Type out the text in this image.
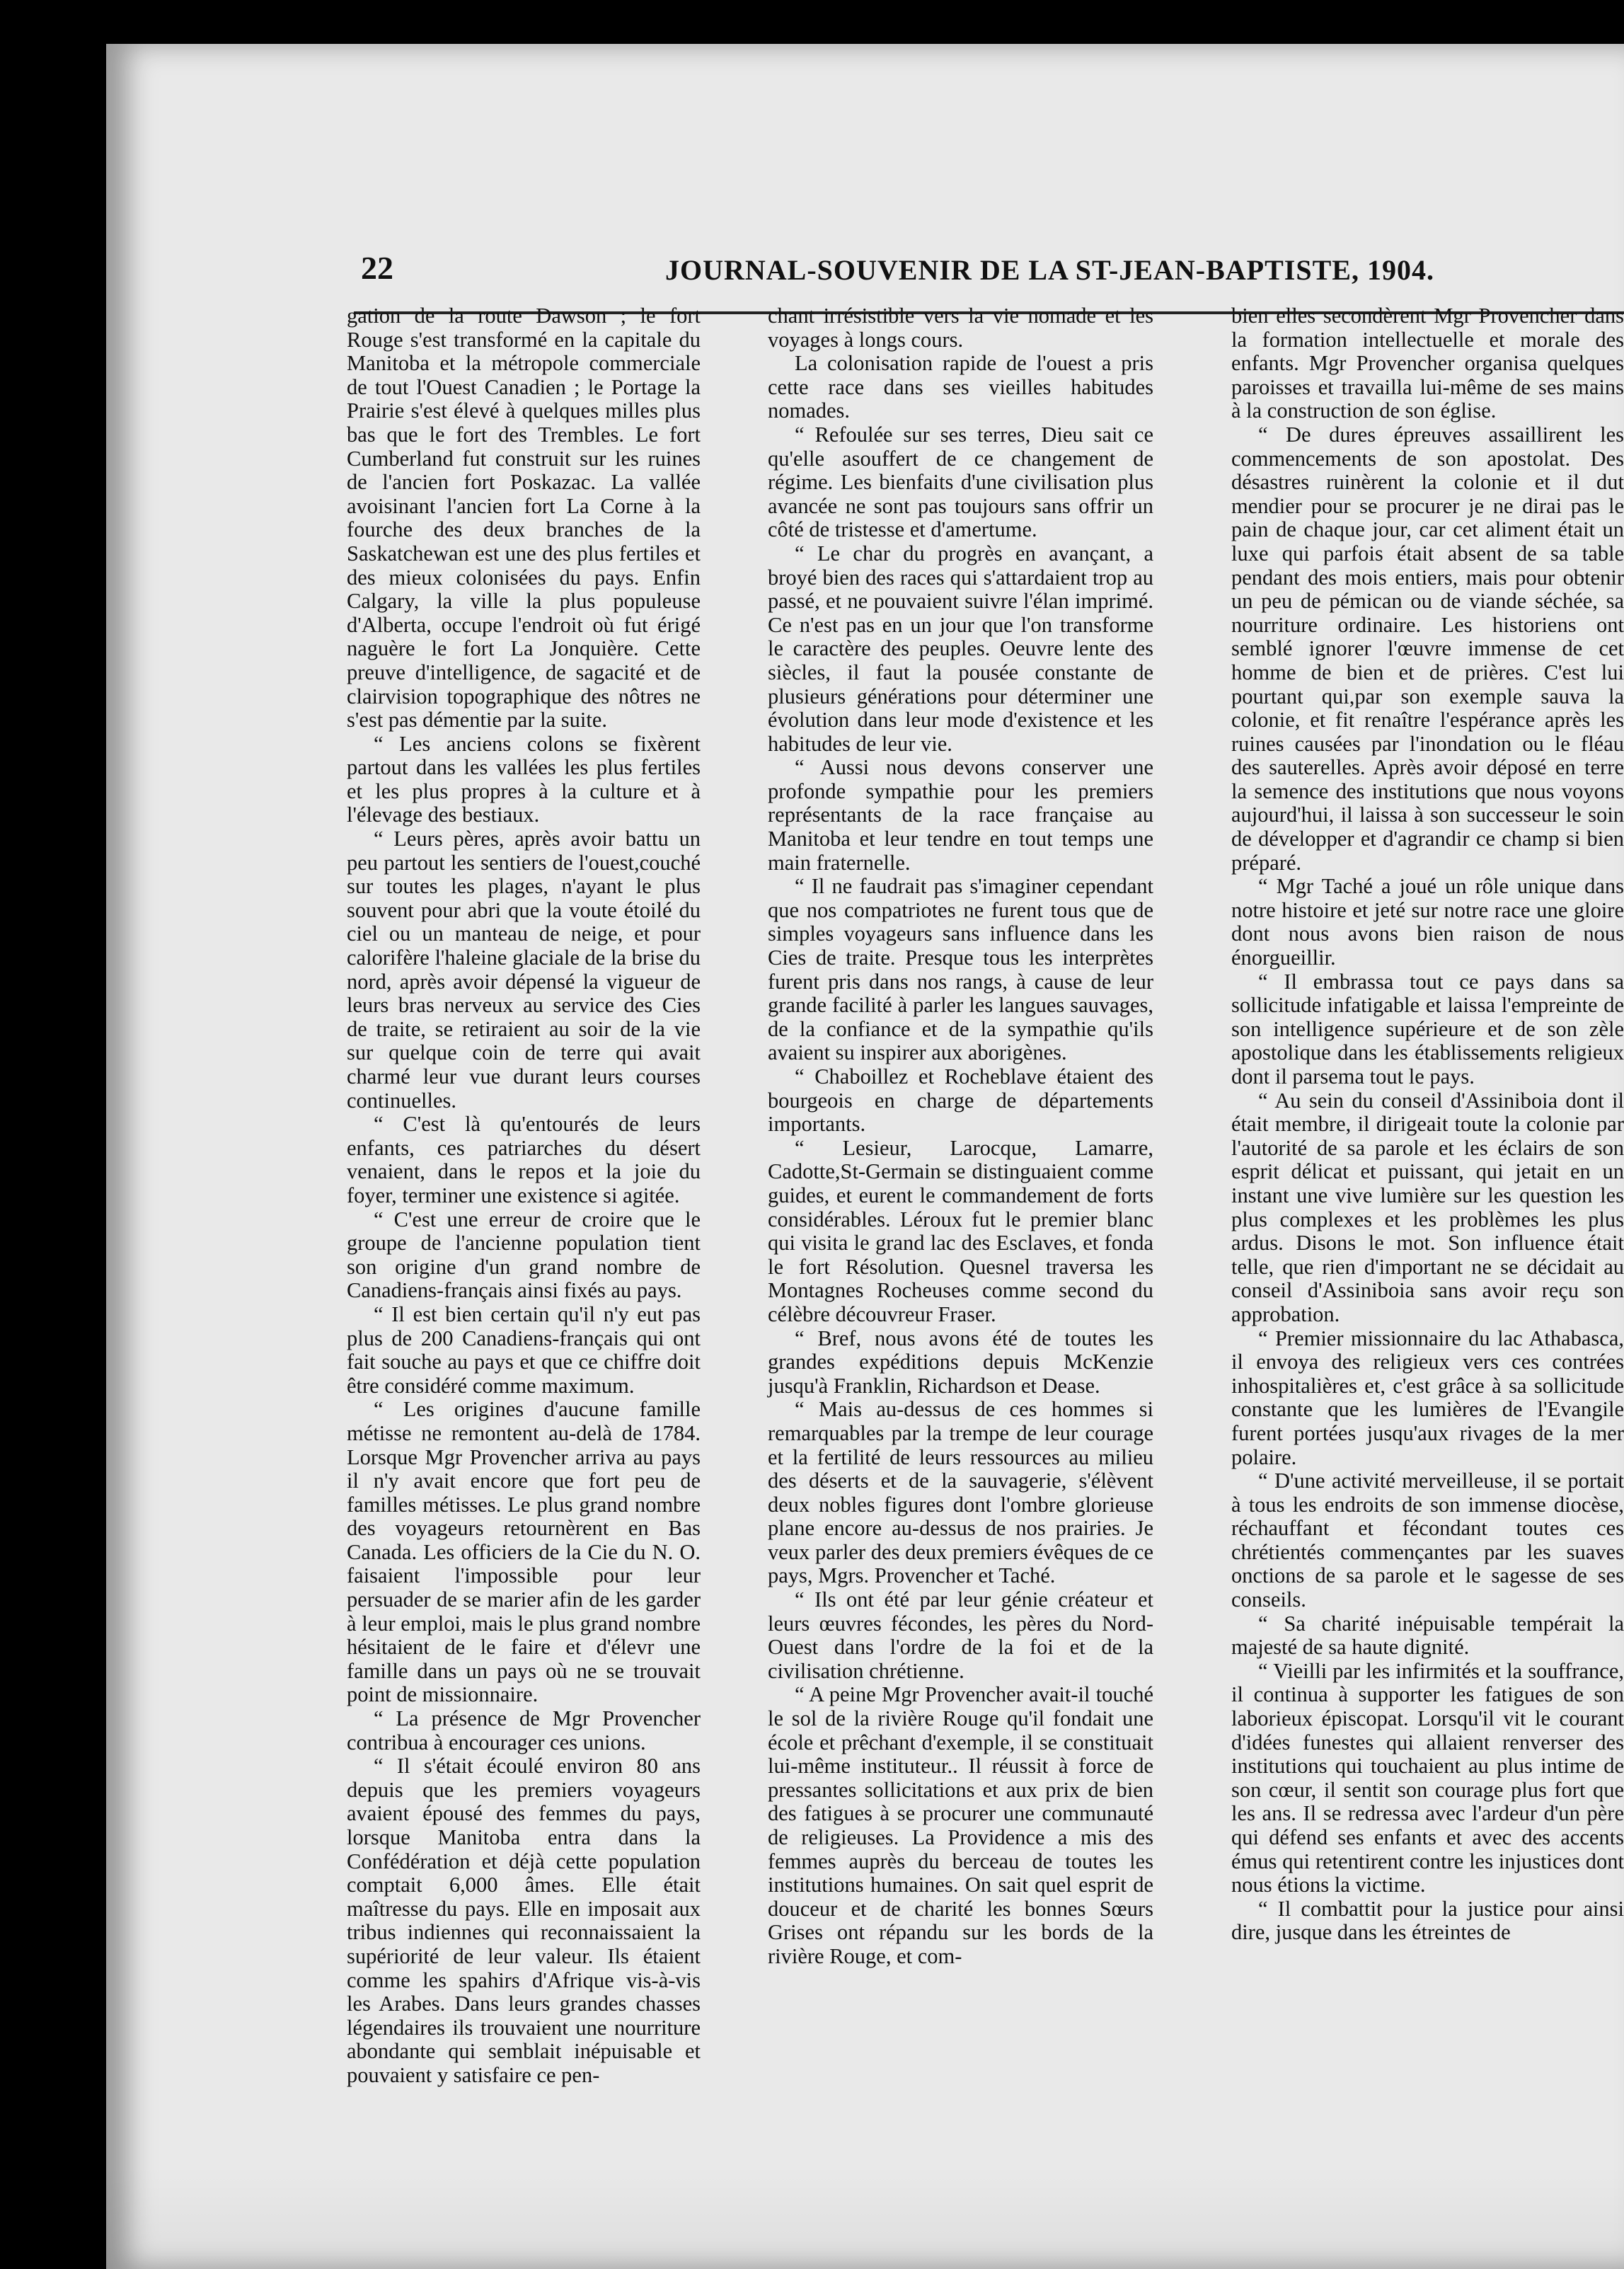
22	JOURNAL-SOUVENIR DE LA ST-JEAN-BAPTISTE, 1904.

gation de la route Dawson ; le fort Rouge s'est transformé en la capitale du Manitoba et la métropole commerciale de tout l'Ouest Canadien ; le Portage la Prairie s'est élevé à quelques milles plus bas que le fort des Trembles. Le fort Cumberland fut construit sur les ruines de l'ancien fort Poskazac. La vallée avoisinant l'ancien fort La Corne à la fourche des deux branches de la Saskatchewan est une des plus fertiles et des mieux colonisées du pays. Enfin Calgary, la ville la plus populeuse d'Alberta, occupe l'endroit où fut érigé naguère le fort La Jonquière. Cette preuve d'intelligence, de sagacité et de clairvision topographique des nôtres ne s'est pas démentie par la suite.

“ Les anciens colons se fixèrent partout dans les vallées les plus fertiles et les plus propres à la culture et à l'élevage des bestiaux.

“ Leurs pères, après avoir battu un peu partout les sentiers de l'ouest,couché sur toutes les plages, n'ayant le plus souvent pour abri que la voute étoilé du ciel ou un manteau de neige, et pour calorifère l'haleine glaciale de la brise du nord, après avoir dépensé la vigueur de leurs bras nerveux au service des Cies de traite, se retiraient au soir de la vie sur quelque coin de terre qui avait charmé leur vue durant leurs courses continuelles.

“ C'est là qu'entourés de leurs enfants, ces patriarches du désert venaient, dans le repos et la joie du foyer, terminer une existence si agitée.

“ C'est une erreur de croire que le groupe de l'ancienne population tient son origine d'un grand nombre de Canadiens-français ainsi fixés au pays.

“ Il est bien certain qu'il n'y eut pas plus de 200 Canadiens-français qui ont fait souche au pays et que ce chiffre doit être considéré comme maximum.

“ Les origines d'aucune famille métisse ne remontent au-delà de 1784. Lorsque Mgr Provencher arriva au pays il n'y avait encore que fort peu de familles métisses. Le plus grand nombre des voyageurs retournèrent en Bas Canada. Les officiers de la Cie du N. O. faisaient l'impossible pour leur persuader de se marier afin de les garder à leur emploi, mais le plus grand nombre hésitaient de le faire et d'élevr une famille dans un pays où ne se trouvait point de missionnaire.

“ La présence de Mgr Provencher contribua à encourager ces unions.

“ Il s'était écoulé environ 80 ans depuis que les premiers voyageurs avaient épousé des femmes du pays, lorsque Manitoba entra dans la Confédération et déjà cette population comptait 6,000 âmes. Elle était maîtresse du pays. Elle en imposait aux tribus indiennes qui reconnaissaient la supériorité de leur valeur. Ils étaient comme les spahirs d'Afrique vis-à-vis les Arabes. Dans leurs grandes chasses légendaires ils trouvaient une nourriture abondante qui semblait inépuisable et pouvaient y satisfaire ce pen-

chant irrésistible vers la vie nomade et les voyages à longs cours.

La colonisation rapide de l'ouest a pris cette race dans ses vieilles habitudes nomades.

“ Refoulée sur ses terres, Dieu sait ce qu'elle asouffert de ce changement de régime. Les bienfaits d'une civilisation plus avancée ne sont pas toujours sans offrir un côté de tristesse et d'amertume.

“ Le char du progrès en avançant, a broyé bien des races qui s'attardaient trop au passé, et ne pouvaient suivre l'élan imprimé. Ce n'est pas en un jour que l'on transforme le caractère des peuples. Oeuvre lente des siècles, il faut la pousée constante de plusieurs générations pour déterminer une évolution dans leur mode d'existence et les habitudes de leur vie.

“ Aussi nous devons conserver une profonde sympathie pour les premiers représentants de la race française au Manitoba et leur tendre en tout temps une main fraternelle.

“ Il ne faudrait pas s'imaginer cependant que nos compatriotes ne furent tous que de simples voyageurs sans influence dans les Cies de traite. Presque tous les interprètes furent pris dans nos rangs, à cause de leur grande facilité à parler les langues sauvages, de la confiance et de la sympathie qu'ils avaient su inspirer aux aborigènes.

“ Chaboillez et Rocheblave étaient des bourgeois en charge de départements importants.

“ Lesieur, Larocque, Lamarre, Cadotte,St-Germain se distinguaient comme guides, et eurent le commandement de forts considérables. Léroux fut le premier blanc qui visita le grand lac des Esclaves, et fonda le fort Résolution. Quesnel traversa les Montagnes Rocheuses comme second du célèbre découvreur Fraser.

“ Bref, nous avons été de toutes les grandes expéditions depuis McKenzie jusqu'à Franklin, Richardson et Dease.

“ Mais au-dessus de ces hommes si remarquables par la trempe de leur courage et la fertilité de leurs ressources au milieu des déserts et de la sauvagerie, s'élèvent deux nobles figures dont l'ombre glorieuse plane encore au-dessus de nos prairies. Je veux parler des deux premiers évêques de ce pays, Mgrs. Provencher et Taché.

“ Ils ont été par leur génie créateur et leurs œuvres fécondes, les pères du Nord-Ouest dans l'ordre de la foi et de la civilisation chrétienne.

“ A peine Mgr Provencher avait-il touché le sol de la rivière Rouge qu'il fondait une école et prêchant d'exemple, il se constituait lui-même instituteur.. Il réussit à force de pressantes sollicitations et aux prix de bien des fatigues à se procurer une communauté de religieuses. La Providence a mis des femmes auprès du berceau de toutes les institutions humaines. On sait quel esprit de douceur et de charité les bonnes Sœurs Grises ont répandu sur les bords de la rivière Rouge, et com-

bien elles secondèrent Mgr Provencher dans la formation intellectuelle et morale des enfants. Mgr Provencher organisa quelques paroisses et travailla lui-même de ses mains à la construction de son église.

“ De dures épreuves assaillirent les commencements de son apostolat. Des désastres ruinèrent la colonie et il dut mendier pour se procurer je ne dirai pas le pain de chaque jour, car cet aliment était un luxe qui parfois était absent de sa table pendant des mois entiers, mais pour obtenir un peu de pémican ou de viande séchée, sa nourriture ordinaire. Les historiens ont semblé ignorer l'œuvre immense de cet homme de bien et de prières. C'est lui pourtant qui,par son exemple sauva la colonie, et fit renaître l'espérance après les ruines causées par l'inondation ou le fléau des sauterelles. Après avoir déposé en terre la semence des institutions que nous voyons aujourd'hui, il laissa à son successeur le soin de développer et d'agrandir ce champ si bien préparé.

“ Mgr Taché a joué un rôle unique dans notre histoire et jeté sur notre race une gloire dont nous avons bien raison de nous énorgueillir.

“ Il embrassa tout ce pays dans sa sollicitude infatigable et laissa l'empreinte de son intelligence supérieure et de son zèle apostolique dans les établissements religieux dont il parsema tout le pays.

“ Au sein du conseil d'Assiniboia dont il était membre, il dirigeait toute la colonie par l'autorité de sa parole et les éclairs de son esprit délicat et puissant, qui jetait en un instant une vive lumière sur les question les plus complexes et les problèmes les plus ardus. Disons le mot. Son influence était telle, que rien d'important ne se décidait au conseil d'Assiniboia sans avoir reçu son approbation.

“ Premier missionnaire du lac Athabasca, il envoya des religieux vers ces contrées inhospitalières et, c'est grâce à sa sollicitude constante que les lumières de l'Evangile furent portées jusqu'aux rivages de la mer polaire.

“ D'une activité merveilleuse, il se portait à tous les endroits de son immense diocèse, réchauffant et fécondant toutes ces chrétientés commençantes par les suaves onctions de sa parole et le sagesse de ses conseils.

“ Sa charité inépuisable tempérait la majesté de sa haute dignité.

“ Vieilli par les infirmités et la souffrance, il continua à supporter les fatigues de son laborieux épiscopat. Lorsqu'il vit le courant d'idées funestes qui allaient renverser des institutions qui touchaient au plus intime de son cœur, il sentit son courage plus fort que les ans. Il se redressa avec l'ardeur d'un père qui défend ses enfants et avec des accents émus qui retentirent contre les injustices dont nous étions la victime.

“ Il combattit pour la justice pour ainsi dire, jusque dans les étreintes de
